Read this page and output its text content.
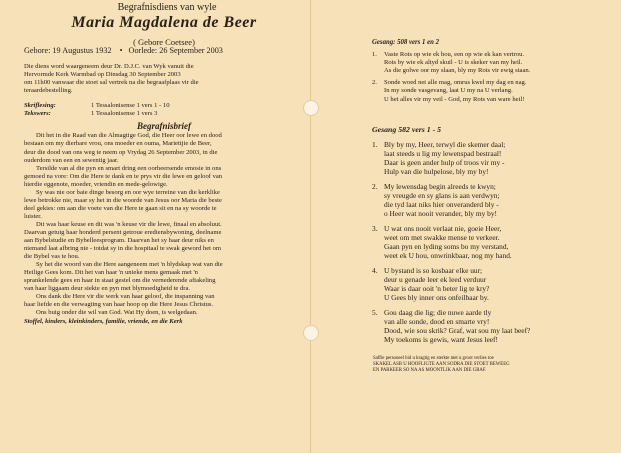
Begrafnisdiens van wyle
Maria Magdalena de Beer
( Gebore Coetsee)
Gebore: 19 Augustus 1932 • Oorlede: 26 September 2003
Die diens word waargeneem deur Dr. D.J.C. van Wyk vanuit die
Hervormde Kerk Warmbad op Dinsdag 30 September 2003
om 11h00 vanwaar die stoet sal vertrek na die begraafplaas vir die
teraardebestelling.
Skriflesing:	1 Tessalonisense 1 vers 1 - 10
Tekswers:	1 Tessalonisense 1 vers 3
Begrafnisbrief

Dit het in die Raad van die Almagtige God, die Heer oor lewe en dood
bestaan om my dierbare vrou, ons moeder en ouma, Mariettjie de Beer,
deur die dood van ons weg te neem op Vrydag 26 September 2003, in die
ouderdom van een en sewentig jaar.

Tersilde van al die pyn en smart dring een oorheersende emosie in ons
gemoed na vore: Om die Here te dank en te prys vir die lewe en geloof van
hierdie eggenote, moeder, vriendin en mede-gelowige.

Sy was nie oor baie dinge besorg en oor wye terreine van die kerklike
lewe betrokke nie, maar sy het in die woorde van Jesus oor Maria die beste
deel gekies: om aan die voete van die Here te gaan sit en na sy woorde te
luister.

Dit was haar keuse en dit was 'n keuse vir die lewe, finaal en absoluut.
Daarvan getuig haar honderd persent getroue erediensbywoning, deelname
aan Bybelstudie en Bybelleesprogram. Daarvan het sy haar deur niks en
niemand laat afbring nie - totdat sy in die hospitaal te swak geword het om
die Bybel vas te hou.

Sy het die woord van die Here aangeneem met 'n blydskap wat van die
Heilige Gees kom. Dit het van haar 'n unieke mens gemaak met 'n
sprankelende gees en haar in staat gestel om die vernederende aftakeling
van haar liggaam deur siekte en pyn met blymoedigheid te dra.

Ons dank die Here vir die werk van haar geloof, die inspanning van
haar liefde en die verwagting van haar hoop op die Here Jesus Christus.

Ons buig onder die wil van God. Wat Hy doen, is welgedaan.

Stoffel, kinders, kleinkinders, familie, vriende, en die Kerk

Gesang: 508 vers 1 en 2
1.	Vaste Rots op wie ek bou, een op wie ek kan vertrou.
Rots by wie ek altyd skuil - U is skeker van my heil.
As die golwe oor my slaan, bly my Rots vir ewig staan.
2.	Sonde woed net alle mag, omrus kwel my dag en nag.
In my sonde vasgevang, laat U my na U verlang.
U het alles vir my veil - God, my Rots van ware heil!
Gesang 582 vers 1 - 5
1. Bly by my, Heer, terwyl die skemer daal;
laat steeds u lig my lewenspad bestraal!
Daar is geen ander hulp of troos vir my -
Hulp van die hulpelose, bly my by!
2. My lewensdag begin alreeds te kwyn;
sy vreugde en sy glans is aan verdwyn;
die tyd laat niks hier onveranderd bly -
o Heer wat nooit verander, bly my by!
3. U wat ons nooit verlaat nie, goeie Heer,
weet om met swakke mense te verkeer.
Gaan pyn en lyding soms bo my verstand,
weet ek U hou, onwrinkbaar, nog my hand.
4. U bystand is so kosbaar elke uur;
deur u genade leer ek leed verduur
Waar is daar ooit 'n beter lig te kry?
U Gees bly inner ons onfeilbaar by.
5. Gou daag die lig; die nuwe aarde tly
van alle sonde, dood en smarte vry!
Dood, wie sou skrik? Graf, wat sou my laat beef?
My toekoms is gewis, want Jesus leef!
Saffie personeel bid u kragtig en sterkte met u groot verlies toe
SKAKEL ASB U HOOFLIGTE AAN SODRA DIE STOET BEWEEG
EN PARKEER SO NA AS MOONTLIK AAN DIE GRAF.
